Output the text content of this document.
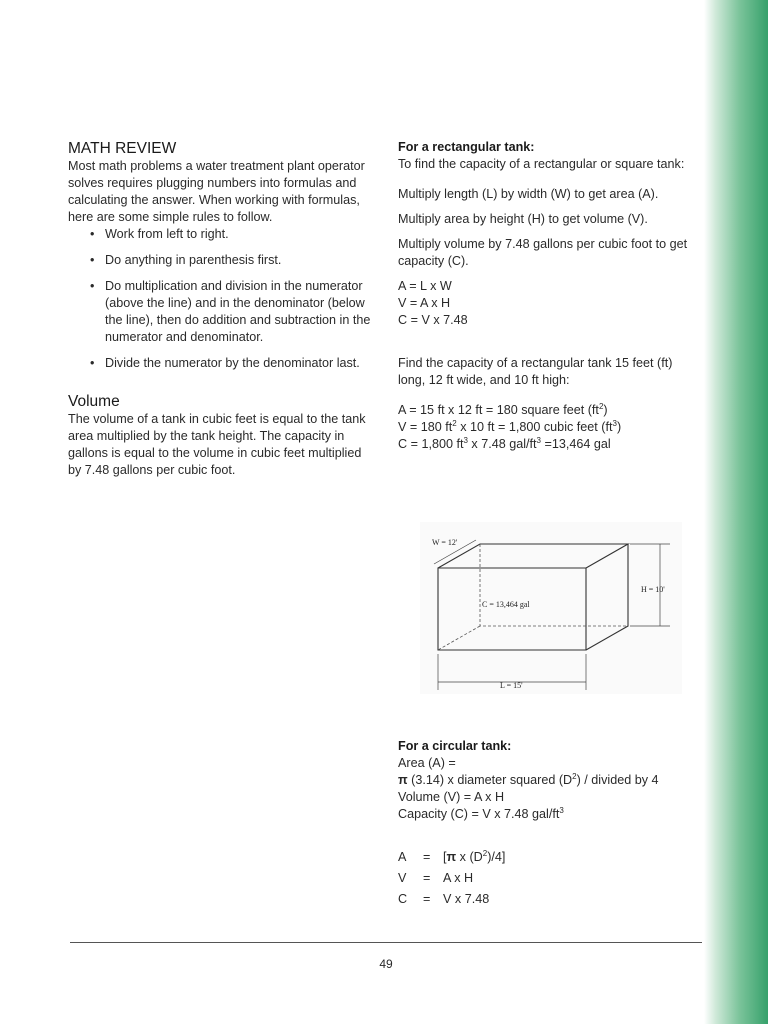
MATH REVIEW

Most math problems a water treatment plant operator solves requires plugging numbers into formulas and calculating the answer. When working with formulas, here are some simple rules to follow.

• Work from left to right.
• Do anything in parenthesis first.
• Do multiplication and division in the numerator (above the line) and in the denominator (below the line), then do addition and subtraction in the numerator and denominator.
• Divide the numerator by the denominator last.
Volume

The volume of a tank in cubic feet is equal to the tank area multiplied by the tank height. The capacity in gallons is equal to the volume in cubic feet multiplied by 7.48 gallons per cubic foot.

For a rectangular tank:

To find the capacity of a rectangular or square tank:

Multiply length (L) by width (W) to get area (A).

Multiply area by height (H) to get volume (V).

Multiply volume by 7.48 gallons per cubic foot to get capacity (C).

A = L x W

V = A x H

C = V x 7.48

Find the capacity of a rectangular tank 15 feet (ft) long, 12 ft wide, and 10 ft high:

A = 15 ft x 12 ft = 180 square feet $(ft^2)$

V = 180 $ft^2$ x 10 ft = 1,800 cubic feet $(ft^3)$

C = 1,800 $ft^3$ x 7.48 gal/$ft^3 =13,464$ gal

W = 12'
H = 10'
L = 15'
C = 13,464 gal
For a circular tank:

Area (A) =

π (3.14) x diameter squared $(D^2)$ / divided by 4

Volume (V) = A x H

Capacity (C) = V x 7.48 gal/$ft^3$

A	=	[π x $(D^2)/4$]
V	=	A x H
C	=	V x 7.48
49
